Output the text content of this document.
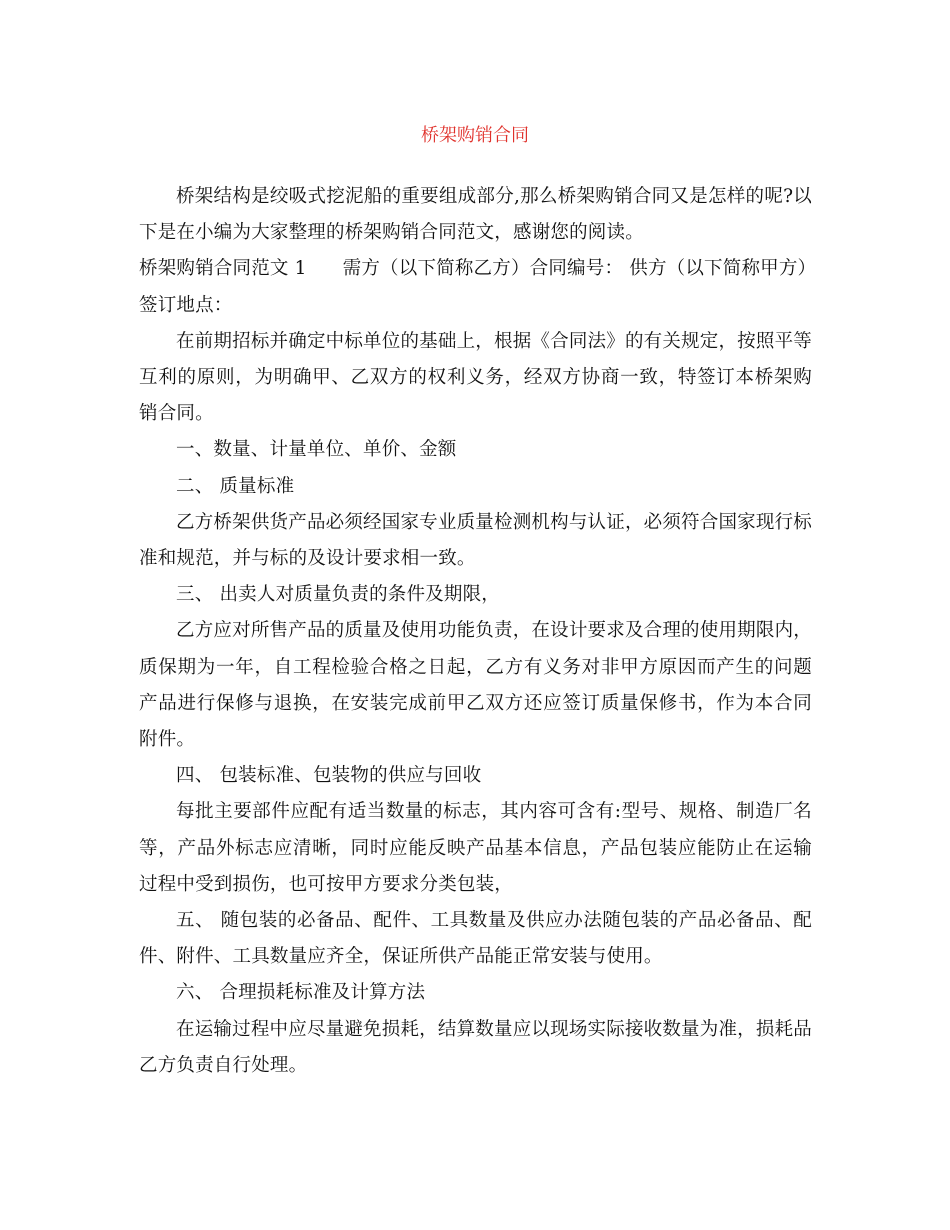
桥架购销合同

桥架结构是绞吸式挖泥船的重要组成部分,那么桥架购销合同又是怎样的呢?以下是在小编为大家整理的桥架购销合同范文，感谢您的阅读。

桥架购销合同范文 1 需方（以下简称乙方）合同编号： 供方（以下简称甲方）

签订地点：

在前期招标并确定中标单位的基础上，根据《合同法》的有关规定，按照平等互利的原则，为明确甲、乙双方的权利义务，经双方协商一致，特签订本桥架购销合同。

一、数量、计量单位、单价、金额

二、 质量标准

乙方桥架供货产品必须经国家专业质量检测机构与认证，必须符合国家现行标准和规范，并与标的及设计要求相一致。

三、 出卖人对质量负责的条件及期限，

乙方应对所售产品的质量及使用功能负责，在设计要求及合理的使用期限内，质保期为一年，自工程检验合格之日起，乙方有义务对非甲方原因而产生的问题产品进行保修与退换，在安装完成前甲乙双方还应签订质量保修书，作为本合同附件。

四、 包装标准、包装物的供应与回收

每批主要部件应配有适当数量的标志，其内容可含有:型号、规格、制造厂名等，产品外标志应清晰，同时应能反映产品基本信息，产品包装应能防止在运输过程中受到损伤，也可按甲方要求分类包装，

五、 随包装的必备品、配件、工具数量及供应办法随包装的产品必备品、配件、附件、工具数量应齐全，保证所供产品能正常安装与使用。

六、 合理损耗标准及计算方法

在运输过程中应尽量避免损耗，结算数量应以现场实际接收数量为准，损耗品乙方负责自行处理。
